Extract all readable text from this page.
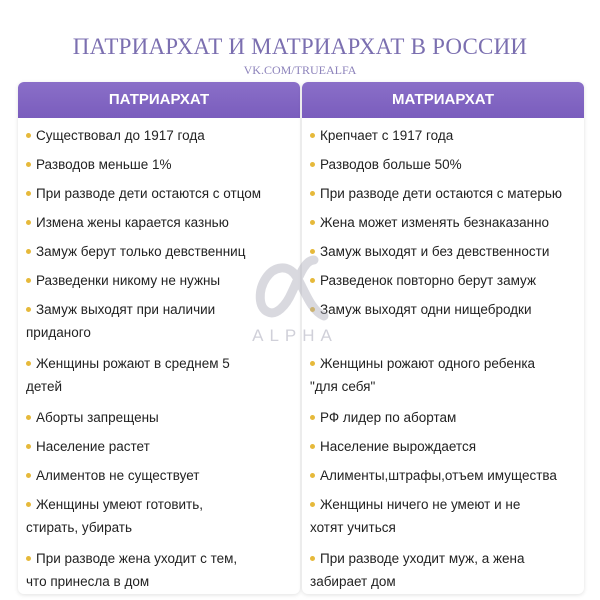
ПАТРИАРХАТ И МАТРИАРХАТ В РОССИИ
VK.COM/TRUEALFA
ПАТРИАРХАТ
Существовал до 1917 года
Разводов меньше 1%
При разводе дети остаются с отцом
Измена жены карается казнью
Замуж берут только девственниц
Разведенки никому не нужны
Замуж выходят при наличии
приданого
Женщины рожают в среднем 5
детей
Аборты запрещены
Население растет
Алиментов не существует
Женщины умеют готовить,
стирать, убирать
При разводе жена уходит с тем,
что принесла в дом
МАТРИАРХАТ
Крепчает с 1917 года
Разводов больше 50%
При разводе дети остаются с матерью
Жена может изменять безнаказанно
Замуж выходят и без девственности
Разведенок повторно берут замуж
Замуж выходят одни нищебродки
Женщины рожают одного ребенка
"для себя"
РФ лидер по абортам
Население вырождается
Алименты,штрафы,отъем имущества
Женщины ничего не умеют и не
хотят учиться
При разводе уходит муж, а жена
забирает дом
ALPHA
